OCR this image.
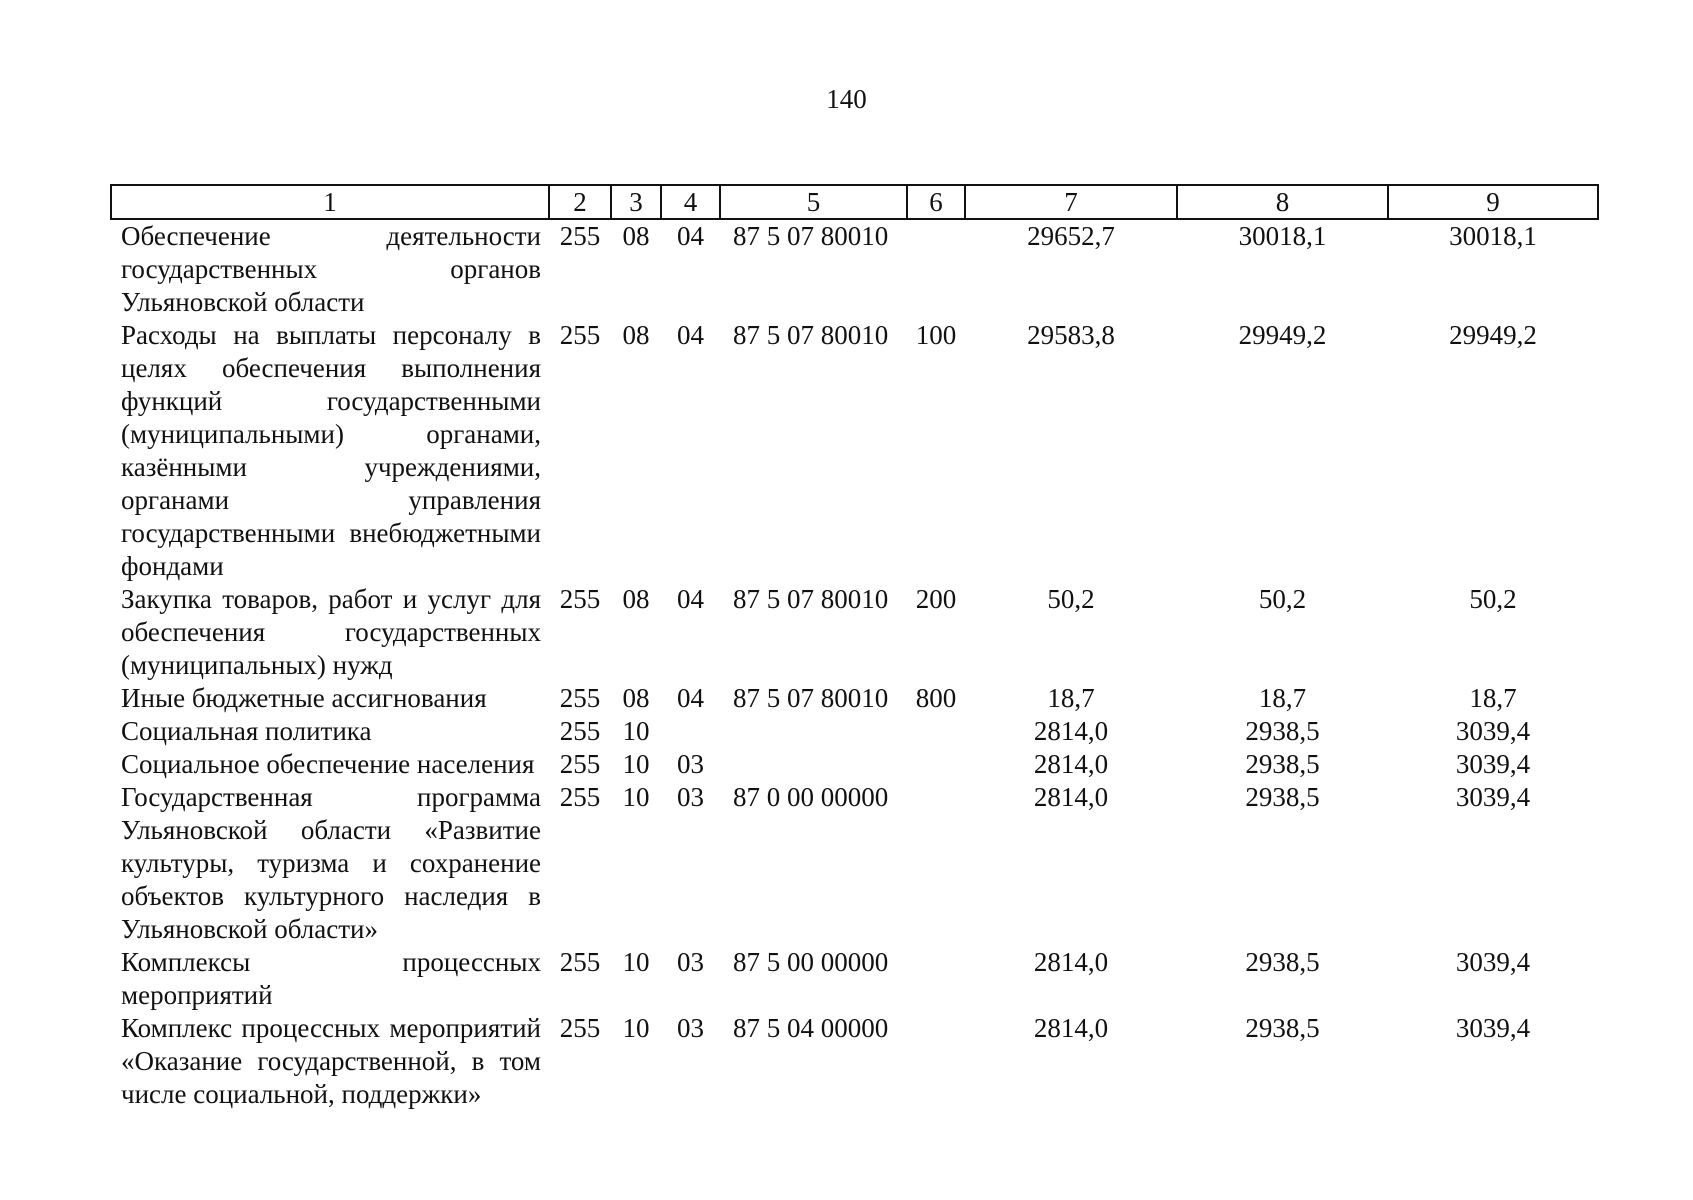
140
1	2	3	4	5	6	7	8	9
Обеспечение деятельности государственных органов Ульяновской области	255	08	04	87 5 07 80010		29652,7	30018,1	30018,1
Расходы на выплаты персоналу в целях обеспечения выполнения функций государственными (муниципальными) органами, казёнными учреждениями, органами управления государственными внебюджетными фондами	255	08	04	87 5 07 80010	100	29583,8	29949,2	29949,2
Закупка товаров, работ и услуг для обеспечения государственных (муниципальных) нужд	255	08	04	87 5 07 80010	200	50,2	50,2	50,2
Иные бюджетные ассигнования	255	08	04	87 5 07 80010	800	18,7	18,7	18,7
Социальная политика	255	10				2814,0	2938,5	3039,4
Социальное обеспечение населения	255	10	03			2814,0	2938,5	3039,4
Государственная программа Ульяновской области «Развитие культуры, туризма и сохранение объектов культурного наследия в Ульяновской области»	255	10	03	87 0 00 00000		2814,0	2938,5	3039,4
Комплексы процессных мероприятий	255	10	03	87 5 00 00000		2814,0	2938,5	3039,4
Комплекс процессных мероприятий «Оказание государственной, в том числе социальной, поддержки»	255	10	03	87 5 04 00000		2814,0	2938,5	3039,4
